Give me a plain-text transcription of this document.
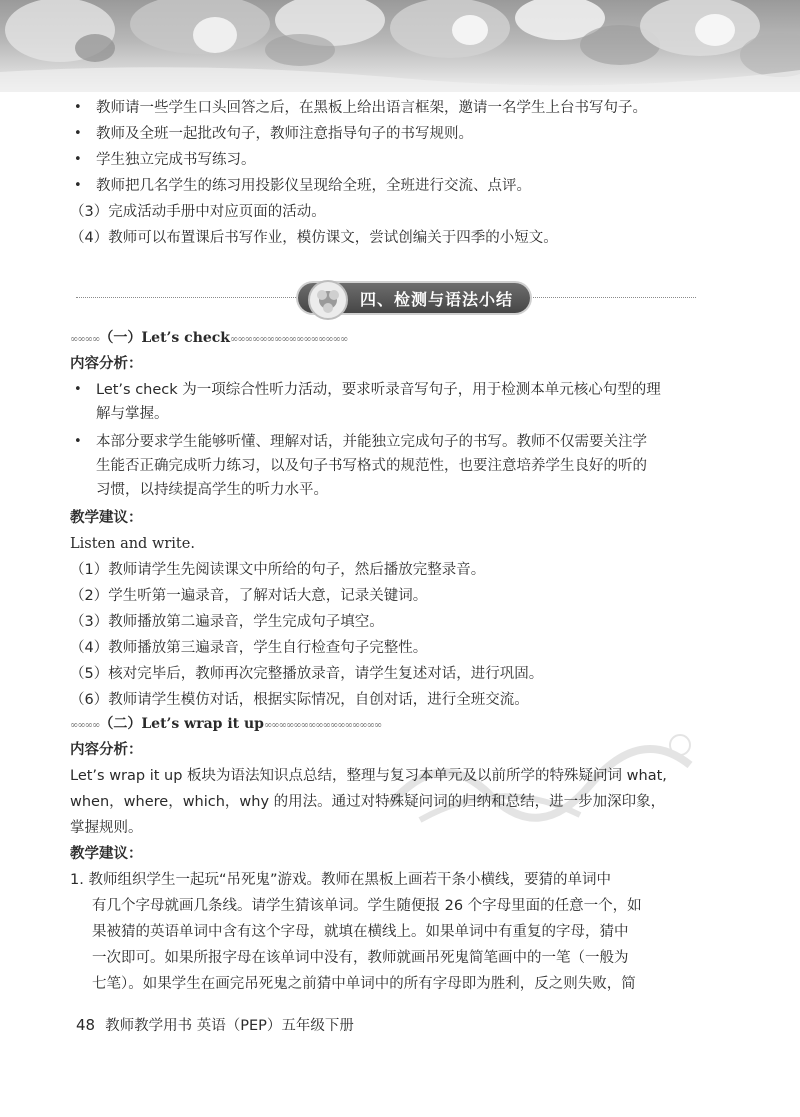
• 教师请一些学生口头回答之后，在黑板上给出语言框架，邀请一名学生上台书写句子。
• 教师及全班一起批改句子，教师注意指导句子的书写规则。
• 学生独立完成书写练习。
• 教师把几名学生的练习用投影仪呈现给全班，全班进行交流、点评。
（3）完成活动手册中对应页面的活动。
（4）教师可以布置课后书写作业，模仿课文，尝试创编关于四季的小短文。
四、检测与语法小结
∞∞∞∞（一）Let’s check∞∞∞∞∞∞∞∞∞∞∞∞∞∞∞∞
内容分析：
• Let’s check 为一项综合性听力活动，要求听录音写句子，用于检测本单元核心句型的理
解与掌握。
• 本部分要求学生能够听懂、理解对话，并能独立完成句子的书写。教师不仅需要关注学
生能否正确完成听力练习，以及句子书写格式的规范性，也要注意培养学生良好的听的
习惯，以持续提高学生的听力水平。
教学建议：
Listen and write.
（1）教师请学生先阅读课文中所给的句子，然后播放完整录音。
（2）学生听第一遍录音，了解对话大意，记录关键词。
（3）教师播放第二遍录音，学生完成句子填空。
（4）教师播放第三遍录音，学生自行检查句子完整性。
（5）核对完毕后，教师再次完整播放录音，请学生复述对话，进行巩固。
（6）教师请学生模仿对话，根据实际情况，自创对话，进行全班交流。
∞∞∞∞（二）Let’s wrap it up∞∞∞∞∞∞∞∞∞∞∞∞∞∞∞∞
内容分析：
Let’s wrap it up 板块为语法知识点总结，整理与复习本单元及以前所学的特殊疑问词 what,
when，where，which，why 的用法。通过对特殊疑问词的归纳和总结，进一步加深印象，
掌握规则。
教学建议：
1. 教师组织学生一起玩“吊死鬼”游戏。教师在黑板上画若干条小横线，要猜的单词中
有几个字母就画几条线。请学生猜该单词。学生随便报 26 个字母里面的任意一个，如
果被猜的英语单词中含有这个字母，就填在横线上。如果单词中有重复的字母，猜中
一次即可。如果所报字母在该单词中没有，教师就画吊死鬼简笔画中的一笔（一般为
七笔）。如果学生在画完吊死鬼之前猜中单词中的所有字母即为胜利，反之则失败，简
48 教师教学用书 英语（PEP）五年级下册
